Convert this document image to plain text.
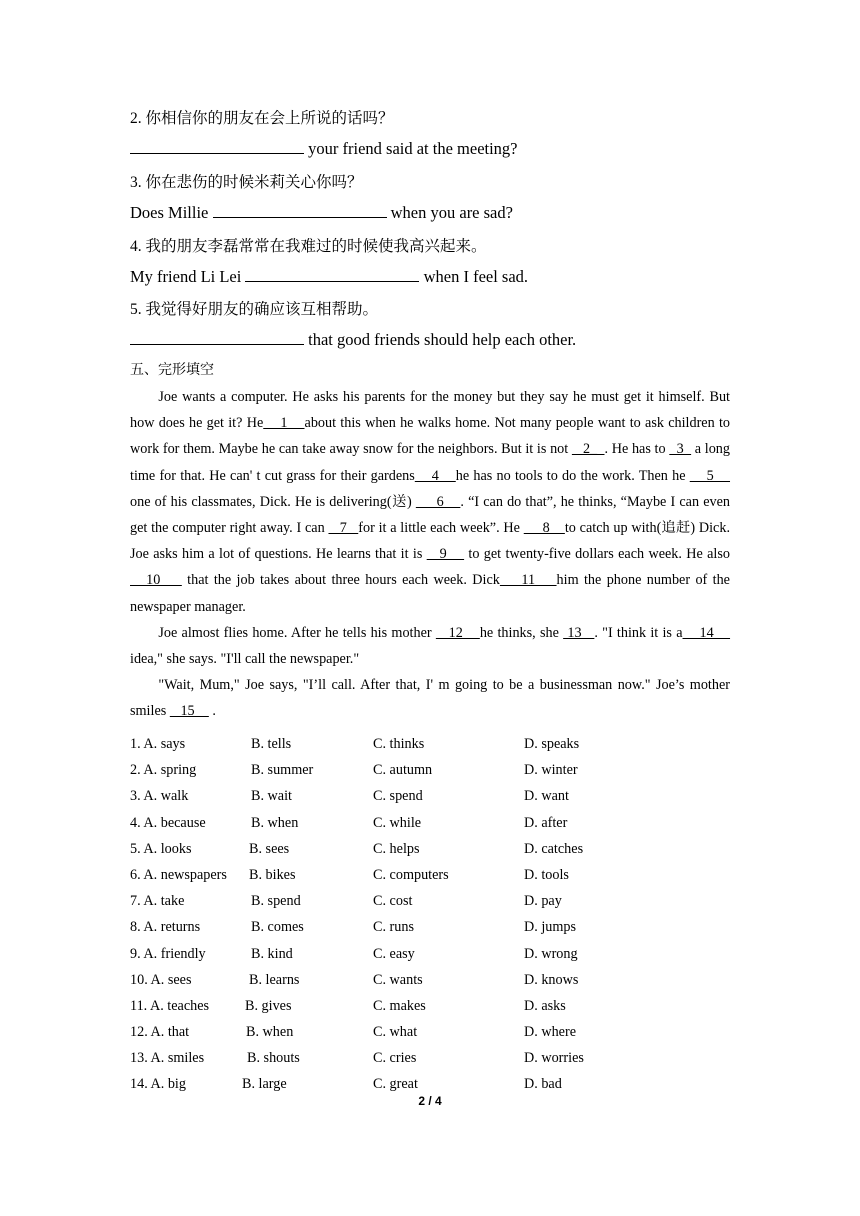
2. 你相信你的朋友在会上所说的话吗？
your friend said at the meeting?
3. 你在悲伤的时候米莉关心你吗？
Does Millie	when you are sad?
4. 我的朋友李磊常常在我难过的时候使我高兴起来。
My friend Li Lei	when I feel sad.
5. 我觉得好朋友的确应该互相帮助。
that good friends should help each other.
五、完形填空

Joe wants a computer. He asks his parents for the money but they say he must get it himself. But how does he get it? He    1    about this when he walks home. Not many people want to ask children to work for them. Maybe he can take away snow for the neighbors. But it is not    2_  . He has to   3   a long time for that. He can' t cut grass for their gardens    4    he has no tools to do the work. Then he     5     one of his classmates, Dick. He is delivering(送)      6    . “I can do that”, he thinks, “Maybe I can even get the computer right away. I can    7   for it a little each week”. He      8    to catch up with(追赶) Dick. Joe asks him a lot of questions. He learns that it is    9     to get twenty-five dollars each week. He also    10     that the job takes about three hours each week. Dick    11    him the phone number of the newspaper manager.

Joe almost flies home. After he tells his mother    12    he thinks, she  13   . "I think it is a    14     idea," she says. "I'll call the newspaper."

"Wait, Mum," Joe says, "I’ll call. After that, I' m going to be a businessman now." Joe’s mother smiles    15     .

1. A. says	B. tells	C. thinks	D. speaks
2. A. spring	B. summer	C. autumn	D. winter
3. A. walk	B. wait	C. spend	D. want
4. A. because	B. when	C. while	D. after
5. A. looks	B. sees	C. helps	D. catches
6. A. newspapers B. bikes	C. computers	D. tools
7. A. take	B. spend	C. cost	D. pay
8. A. returns	B. comes	C. runs	D. jumps
9. A. friendly	B. kind	C. easy	D. wrong
10. A. sees	B. learns	C. wants	D. knows
11. A. teaches	B. gives	C. makes	D. asks
12. A. that	B. when	C. what	D. where
13. A. smiles	B. shouts	C. cries	D. worries
14. A. big	B. large	C. great	D. bad
2 / 4
